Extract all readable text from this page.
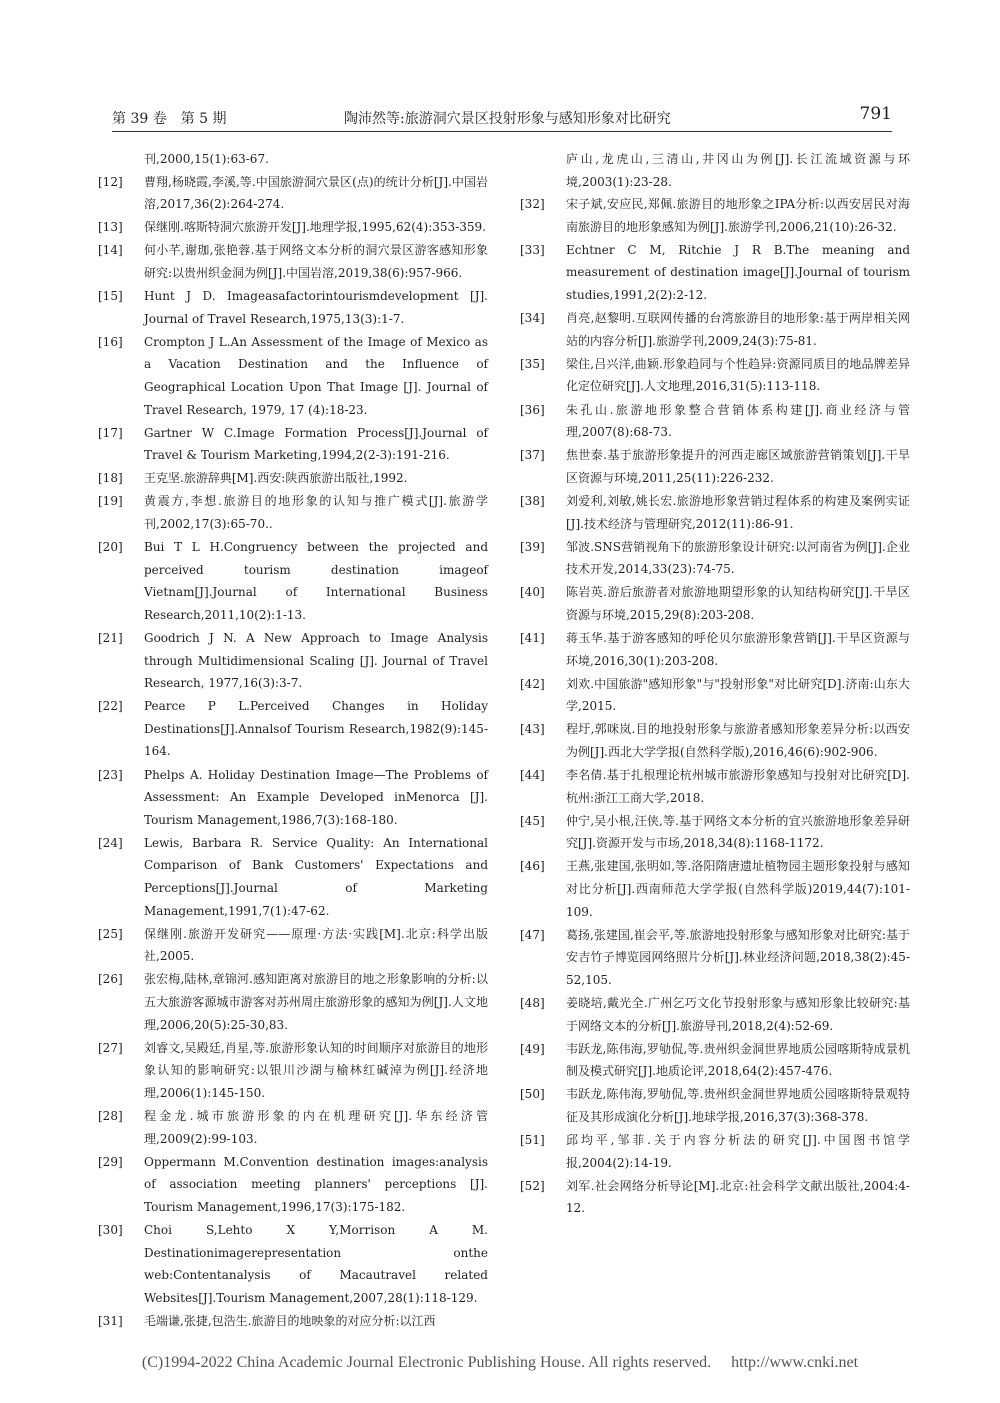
第 39 卷　第 5 期	陶沛然等:旅游洞穴景区投射形象与感知形象对比研究	791
刊,2000,15(1):63-67.
[12] 曹翔,杨晓霞,李溪,等.中国旅游洞穴景区(点)的统计分析[J].中国岩溶,2017,36(2):264-274.
[13] 保继刚.喀斯特洞穴旅游开发[J].地理学报,1995,62(4):353-359.
[14] 何小芊,谢珈,张艳蓉.基于网络文本分析的洞穴景区游客感知形象研究:以贵州织金洞为例[J].中国岩溶,2019,38(6):957-966.
[15] Hunt J D. Imageasafactorintourismdevelopment [J]. Journal of Travel Research,1975,13(3):1-7.
[16] Crompton J L.An Assessment of the Image of Mexico as a Vacation Destination and the Influence of Geographical Location Upon That Image [J]. Journal of Travel Research, 1979, 17 (4):18-23.
[17] Gartner W C.Image Formation Process[J].Journal of Travel & Tourism Marketing,1994,2(2-3):191-216.
[18] 王克坚.旅游辞典[M].西安:陕西旅游出版社,1992.
[19] 黄震方,李想.旅游目的地形象的认知与推广模式[J].旅游学刊,2002,17(3):65-70..
[20] Bui T L H.Congruency between the projected and perceived tourism destination imageof Vietnam[J].Journal of International Business Research,2011,10(2):1-13.
[21] Goodrich J N. A New Approach to Image Analysis through Multidimensional Scaling [J]. Journal of Travel Research, 1977,16(3):3-7.
[22] Pearce P L.Perceived Changes in Holiday Destinations[J].Annalsof Tourism Research,1982(9):145-164.
[23] Phelps A. Holiday Destination Image—The Problems of Assessment: An Example Developed inMenorca [J]. Tourism Management,1986,7(3):168-180.
[24] Lewis, Barbara R. Service Quality: An International Comparison of Bank Customers' Expectations and Perceptions[J].Journal of Marketing Management,1991,7(1):47-62.
[25] 保继刚.旅游开发研究——原理·方法·实践[M].北京:科学出版社,2005.
[26] 张宏梅,陆林,章锦河.感知距离对旅游目的地之形象影响的分析:以五大旅游客源城市游客对苏州周庄旅游形象的感知为例[J].人文地理,2006,20(5):25-30,83.
[27] 刘睿文,吴殿廷,肖星,等.旅游形象认知的时间顺序对旅游目的地形象认知的影响研究:以银川沙湖与榆林红碱淖为例[J].经济地理,2006(1):145-150.
[28] 程金龙.城市旅游形象的内在机理研究[J].华东经济管理,2009(2):99-103.
[29] Oppermann M.Convention destination images:analysis of association meeting planners' perceptions [J]. Tourism Management,1996,17(3):175-182.
[30] Choi S,Lehto X Y,Morrison A M. Destinationimagerepresentation onthe web:Contentanalysis of Macautravel related Websites[J].Tourism Management,2007,28(1):118-129.
[31] 毛端谦,张捷,包浩生.旅游目的地映象的对应分析:以江西
庐山,龙虎山,三清山,井冈山为例[J].长江流域资源与环境,2003(1):23-28.
[32] 宋子斌,安应民,郑佩.旅游目的地形象之IPA分析:以西安居民对海南旅游目的地形象感知为例[J].旅游学刊,2006,21(10):26-32.
[33] Echtner C M, Ritchie J R B.The meaning and measurement of destination image[J].Journal of tourism studies,1991,2(2):2-12.
[34] 肖亮,赵黎明.互联网传播的台湾旅游目的地形象:基于两岸相关网站的内容分析[J].旅游学刊,2009,24(3):75-81.
[35] 梁住,吕兴洋,曲颖.形象趋同与个性趋异:资源同质目的地品牌差异化定位研究[J].人文地理,2016,31(5):113-118.
[36] 朱孔山.旅游地形象整合营销体系构建[J].商业经济与管理,2007(8):68-73.
[37] 焦世泰.基于旅游形象提升的河西走廊区域旅游营销策划[J].干旱区资源与环境,2011,25(11):226-232.
[38] 刘爱利,刘敏,姚长宏.旅游地形象营销过程体系的构建及案例实证[J].技术经济与管理研究,2012(11):86-91.
[39] 邹波.SNS营销视角下的旅游形象设计研究:以河南省为例[J].企业技术开发,2014,33(23):74-75.
[40] 陈岩英.游后旅游者对旅游地期望形象的认知结构研究[J].干旱区资源与环境,2015,29(8):203-208.
[41] 蒋玉华.基于游客感知的呼伦贝尔旅游形象营销[J].干旱区资源与环境,2016,30(1):203-208.
[42] 刘欢.中国旅游"感知形象"与"投射形象"对比研究[D].济南:山东大学,2015.
[43] 程圩,郭咪岚.目的地投射形象与旅游者感知形象差异分析:以西安为例[J].西北大学学报(自然科学版),2016,46(6):902-906.
[44] 李名倩.基于扎根理论杭州城市旅游形象感知与投射对比研究[D].杭州:浙江工商大学,2018.
[45] 仲宁,吴小根,汪侠,等.基于网络文本分析的宜兴旅游地形象差异研究[J].资源开发与市场,2018,34(8):1168-1172.
[46] 王燕,张建国,张明如,等.洛阳隋唐遗址植物园主题形象投射与感知对比分析[J].西南师范大学学报(自然科学版)2019,44(7):101-109.
[47] 葛扬,张建国,崔会平,等.旅游地投射形象与感知形象对比研究:基于安吉竹子博览园网络照片分析[J].林业经济问题,2018,38(2):45-52,105.
[48] 姜晓培,戴光全.广州乞巧文化节投射形象与感知形象比较研究:基于网络文本的分析[J].旅游导刊,2018,2(4):52-69.
[49] 韦跃龙,陈伟海,罗劬侃,等.贵州织金洞世界地质公园喀斯特成景机制及模式研究[J].地质论评,2018,64(2):457-476.
[50] 韦跃龙,陈伟海,罗劬侃,等.贵州织金洞世界地质公园喀斯特景观特征及其形成演化分析[J].地球学报,2016,37(3):368-378.
[51] 邱均平,邹菲.关于内容分析法的研究[J].中国图书馆学报,2004(2):14-19.
[52] 刘军.社会网络分析导论[M].北京:社会科学文献出版社,2004:4-12.
(C)1994-2022 China Academic Journal Electronic Publishing House. All rights reserved. http://www.cnki.net
